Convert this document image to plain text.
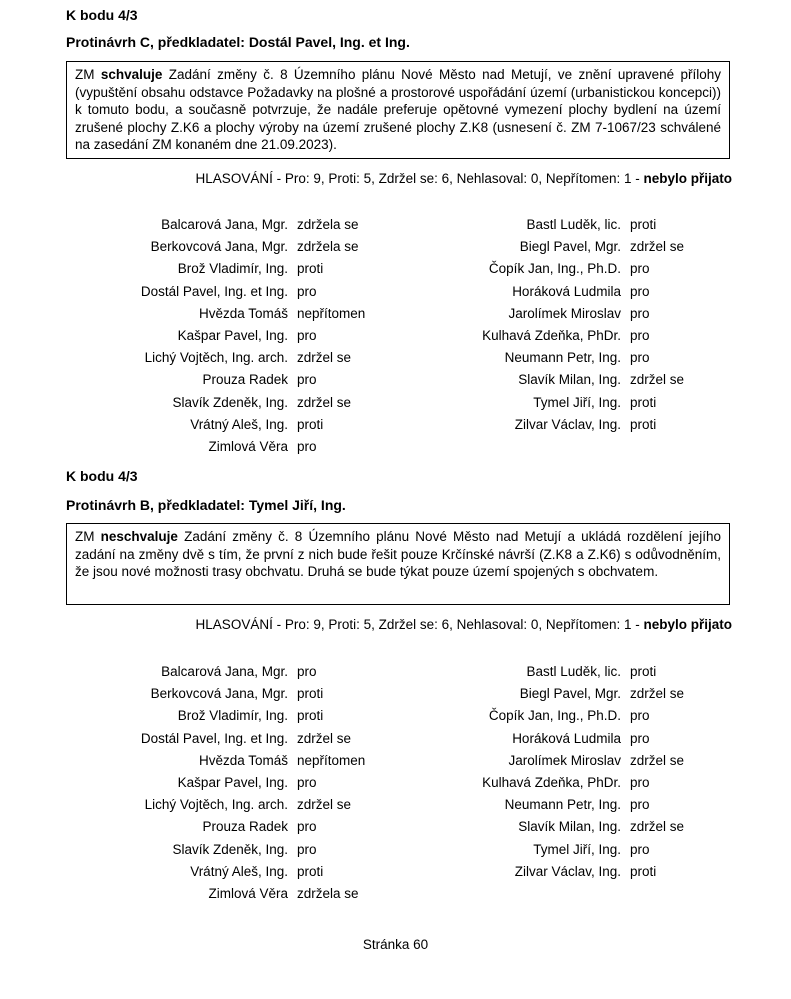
K bodu 4/3
Protinávrh C, předkladatel: Dostál Pavel, Ing. et Ing.
ZM schvaluje Zadání změny č. 8 Územního plánu Nové Město nad Metují, ve znění upravené přílohy (vypuštění obsahu odstavce Požadavky na plošné a prostorové uspořádání území (urbanistickou koncepci)) k tomuto bodu, a současně potvrzuje, že nadále preferuje opětovné vymezení plochy bydlení na území zrušené plochy Z.K6 a plochy výroby na území zrušené plochy Z.K8 (usnesení č. ZM 7-1067/23 schválené na zasedání ZM konaném dne 21.09.2023).
HLASOVÁNÍ - Pro: 9, Proti: 5, Zdržel se: 6, Nehlasoval: 0, Nepřítomen: 1 - nebylo přijato
Balcarová Jana, Mgr. zdržela se
Berkovcová Jana, Mgr. zdržela se
Brož Vladimír, Ing. proti
Dostál Pavel, Ing. et Ing. pro
Hvězda Tomáš nepřítomen
Kašpar Pavel, Ing. pro
Lichý Vojtěch, Ing. arch. zdržel se
Prouza Radek pro
Slavík Zdeněk, Ing. zdržel se
Vrátný Aleš, Ing. proti
Zimlová Věra pro
Bastl Luděk, lic. proti
Biegl Pavel, Mgr. zdržel se
Čopík Jan, Ing., Ph.D. pro
Horáková Ludmila pro
Jarolímek Miroslav pro
Kulhavá Zdeňka, PhDr. pro
Neumann Petr, Ing. pro
Slavík Milan, Ing. zdržel se
Tymel Jiří, Ing. proti
Zilvar Václav, Ing. proti
K bodu 4/3
Protinávrh B, předkladatel: Tymel Jiří, Ing.
ZM neschvaluje Zadání změny č. 8 Územního plánu Nové Město nad Metují a ukládá rozdělení jejího zadání na změny dvě s tím, že první z nich bude řešit pouze Krčínské návrší (Z.K8 a Z.K6) s odůvodněním, že jsou nové možnosti trasy obchvatu. Druhá se bude týkat pouze území spojených s obchvatem.
HLASOVÁNÍ - Pro: 9, Proti: 5, Zdržel se: 6, Nehlasoval: 0, Nepřítomen: 1 - nebylo přijato
Balcarová Jana, Mgr. pro
Berkovcová Jana, Mgr. proti
Brož Vladimír, Ing. proti
Dostál Pavel, Ing. et Ing. zdržel se
Hvězda Tomáš nepřítomen
Kašpar Pavel, Ing. pro
Lichý Vojtěch, Ing. arch. zdržel se
Prouza Radek pro
Slavík Zdeněk, Ing. pro
Vrátný Aleš, Ing. proti
Zimlová Věra zdržela se
Bastl Luděk, lic. proti
Biegl Pavel, Mgr. zdržel se
Čopík Jan, Ing., Ph.D. pro
Horáková Ludmila pro
Jarolímek Miroslav zdržel se
Kulhavá Zdeňka, PhDr. pro
Neumann Petr, Ing. pro
Slavík Milan, Ing. zdržel se
Tymel Jiří, Ing. pro
Zilvar Václav, Ing. proti
Stránka 60
